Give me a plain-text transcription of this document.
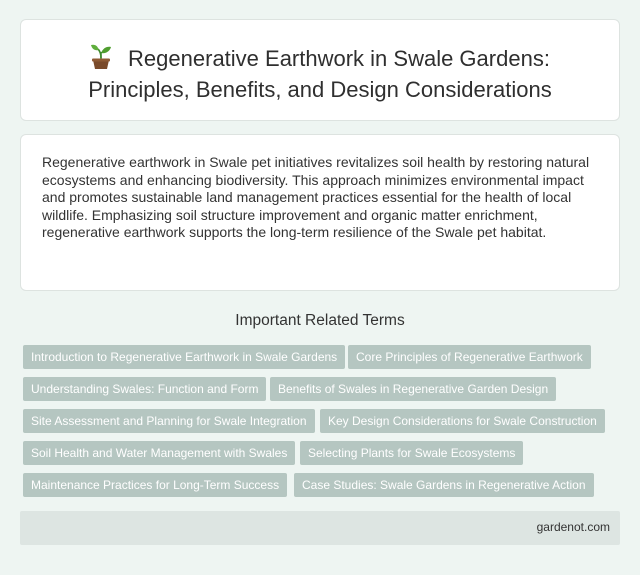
Regenerative Earthwork in Swale Gardens:
Principles, Benefits, and Design Considerations

Regenerative earthwork in Swale pet initiatives revitalizes soil health by restoring natural ecosystems and enhancing biodiversity. This approach minimizes environmental impact and promotes sustainable land management practices essential for the health of local wildlife. Emphasizing soil structure improvement and organic matter enrichment, regenerative earthwork supports the long-term resilience of the Swale pet habitat.

Important Related Terms
Introduction to Regenerative Earthwork in Swale Gardens	Core Principles of Regenerative Earthwork
Understanding Swales: Function and Form	Benefits of Swales in Regenerative Garden Design
Site Assessment and Planning for Swale Integration	Key Design Considerations for Swale Construction
Soil Health and Water Management with Swales	Selecting Plants for Swale Ecosystems
Maintenance Practices for Long-Term Success	Case Studies: Swale Gardens in Regenerative Action
gardenot.com
